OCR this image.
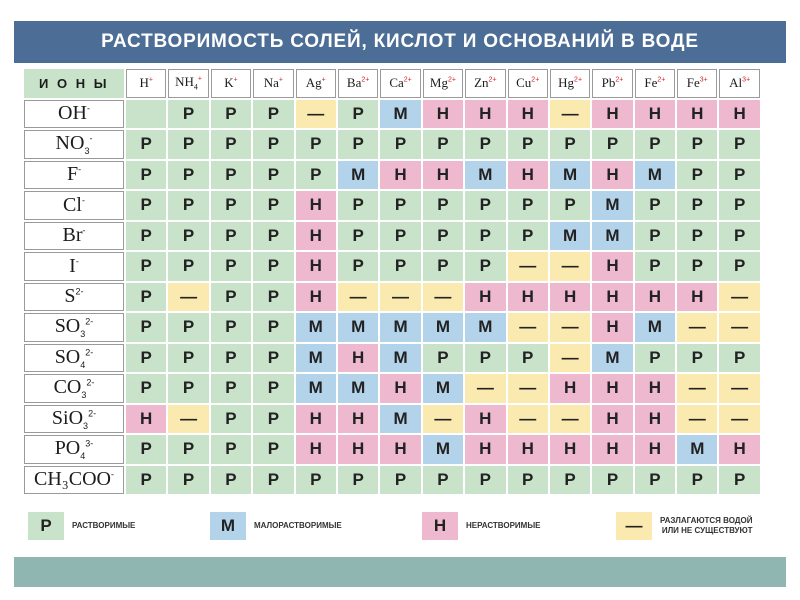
РАСТВОРИМОСТЬ СОЛЕЙ, КИСЛОТ И ОСНОВАНИЙ В ВОДЕ
И О Н Ы	H+	$NH_4^+$	K+	Na+	Ag+	$Ba^{2+}$	$Ca^{2+}$	$Mg^{2+}$	$Zn^{2+}$	$Cu^{2+}$	$Hg^{2+}$	$Pb^{2+}$	$Fe^{2+}$	$Fe^{3+}$	$Al^{3+}$
OH-		Р	Р	Р	—	Р	М	Н	Н	Н	—	Н	Н	Н	Н
$NO_3^-$	Р	Р	Р	Р	Р	Р	Р	Р	Р	Р	Р	Р	Р	Р	Р
F-	Р	Р	Р	Р	Р	М	Н	Н	М	Н	М	Н	М	Р	Р
Cl-	Р	Р	Р	Р	Н	Р	Р	Р	Р	Р	Р	М	Р	Р	Р
Br-	Р	Р	Р	Р	Н	Р	Р	Р	Р	Р	М	М	Р	Р	Р
I-	Р	Р	Р	Р	Н	Р	Р	Р	Р	—	—	Н	Р	Р	Р
$S^{2-}$	Р	—	Р	Р	Н	—	—	—	Н	Н	Н	Н	Н	Н	—
$SO_3^{2-}$	Р	Р	Р	Р	М	М	М	М	М	—	—	Н	М	—	—
$SO_4^{2-}$	Р	Р	Р	Р	М	Н	М	Р	Р	Р	—	М	Р	Р	Р
$CO_3^{2-}$	Р	Р	Р	Р	М	М	Н	М	—	—	Н	Н	Н	—	—
SiO$_3^{2-}$	Н	—	Р	Р	Н	Н	М	—	Н	—	—	Н	Н	—	—
$PO_4^{3-}$	Р	Р	Р	Р	Н	Н	Н	М	Н	Н	Н	Н	Н	М	Н
CH₃COO-	Р	Р	Р	Р	Р	Р	Р	Р	Р	Р	Р	Р	Р	Р	Р
Р	РАСТВОРИМЫЕ	М	МАЛОРАСТВОРИМЫЕ	Н	НЕРАСТВОРИМЫЕ	—	РАЗЛАГАЮТСЯ ВОДОЙ
ИЛИ НЕ СУЩЕСТВУЮТ
